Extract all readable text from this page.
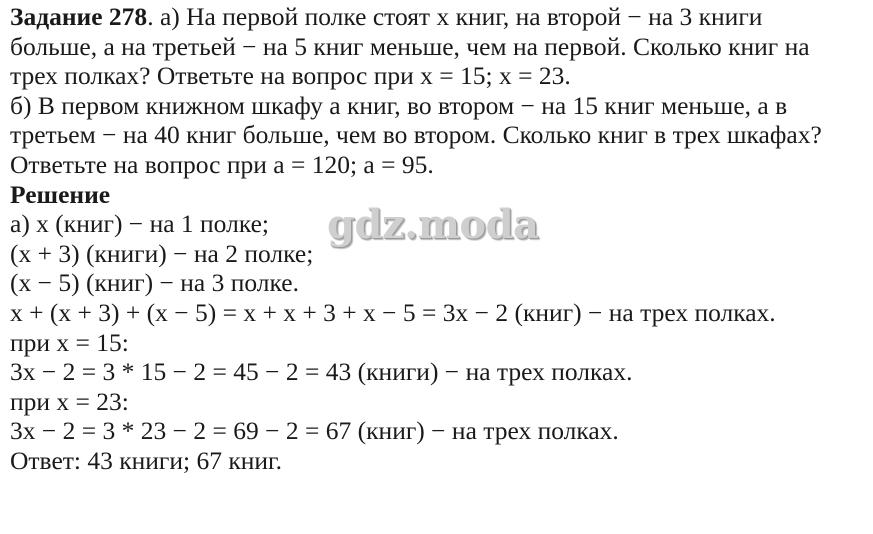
Задание 278. а) На первой полке стоят x книг, на второй − на 3 книги
больше, а на третьей − на 5 книг меньше, чем на первой. Сколько книг на
трех полках? Ответьте на вопрос при x = 15; x = 23.
б) В первом книжном шкафу a книг, во втором − на 15 книг меньше, а в
третьем − на 40 книг больше, чем во втором. Сколько книг в трех шкафах?
Ответьте на вопрос при a = 120; a = 95.
Решение
а) x (книг) − на 1 полке;
(x + 3) (книги) − на 2 полке;
(x − 5) (книг) − на 3 полке.
x + (x + 3) + (x − 5) = x + x + 3 + x − 5 = 3x − 2 (книг) − на трех полках.
при x = 15:
3x − 2 = 3 * 15 − 2 = 45 − 2 = 43 (книги) − на трех полках.
при x = 23:
3x − 2 = 3 * 23 − 2 = 69 − 2 = 67 (книг) − на трех полках.
Ответ: 43 книги; 67 книг.
gdz.moda
